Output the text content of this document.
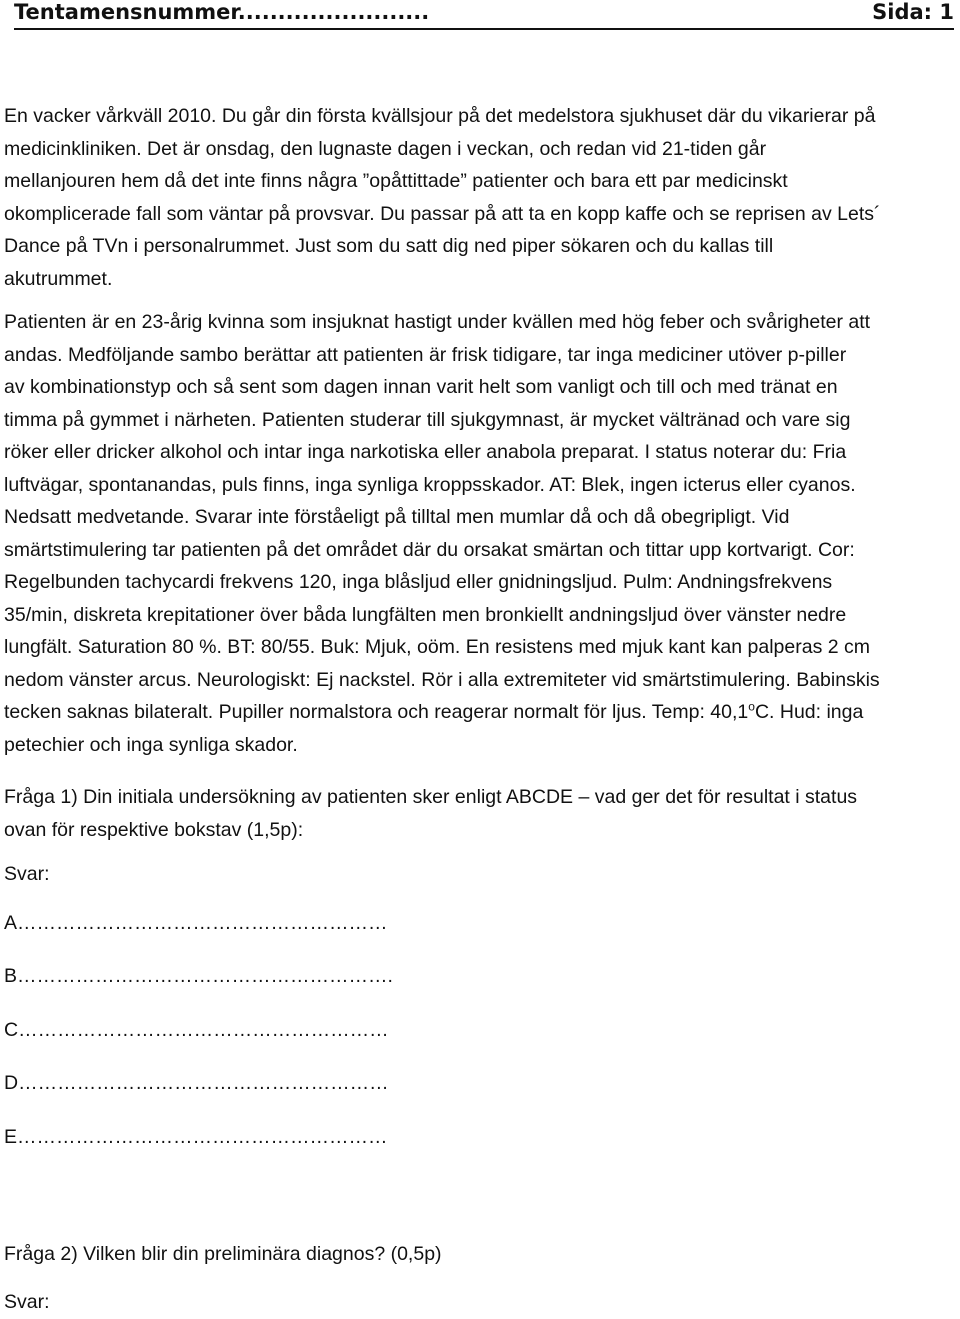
Tentamensnummer........................	Sida: 1
En vacker vårkväll 2010. Du går din första kvällsjour på det medelstora sjukhuset där du vikarierar på
medicinkliniken. Det är onsdag, den lugnaste dagen i veckan, och redan vid 21-tiden går
mellanjouren hem då det inte finns några ”opåttittade” patienter och bara ett par medicinskt
okomplicerade fall som väntar på provsvar. Du passar på att ta en kopp kaffe och se reprisen av Lets´
Dance på TVn i personalrummet. Just som du satt dig ned piper sökaren och du kallas till
akutrummet.
Patienten är en 23-årig kvinna som insjuknat hastigt under kvällen med hög feber och svårigheter att
andas. Medföljande sambo berättar att patienten är frisk tidigare, tar inga mediciner utöver p-piller
av kombinationstyp och så sent som dagen innan varit helt som vanligt och till och med tränat en
timma på gymmet i närheten. Patienten studerar till sjukgymnast, är mycket vältränad och vare sig
röker eller dricker alkohol och intar inga narkotiska eller anabola preparat. I status noterar du: Fria
luftvägar, spontanandas, puls finns, inga synliga kroppsskador. AT: Blek, ingen icterus eller cyanos.
Nedsatt medvetande. Svarar inte förståeligt på tilltal men mumlar då och då obegripligt. Vid
smärtstimulering tar patienten på det området där du orsakat smärtan och tittar upp kortvarigt. Cor:
Regelbunden tachycardi frekvens 120, inga blåsljud eller gnidningsljud. Pulm: Andningsfrekvens
35/min, diskreta krepitationer över båda lungfälten men bronkiellt andningsljud över vänster nedre
lungfält. Saturation 80 %. BT: 80/55. Buk: Mjuk, oöm. En resistens med mjuk kant kan palperas 2 cm
nedom vänster arcus. Neurologiskt: Ej nackstel. Rör i alla extremiteter vid smärtstimulering. Babinskis
tecken saknas bilateralt. Pupiller normalstora och reagerar normalt för ljus. Temp: 40,1$^o$C. Hud: inga
petechier och inga synliga skador.
Fråga 1) Din initiala undersökning av patienten sker enligt ABCDE – vad ger det för resultat i status
ovan för respektive bokstav (1,5p):
Svar:
A…………………………………………………
B………………………………………………….
C…………………………………………………
D…………………………………………………
E…………………………………………………
Fråga 2) Vilken blir din preliminära diagnos? (0,5p)
Svar:
